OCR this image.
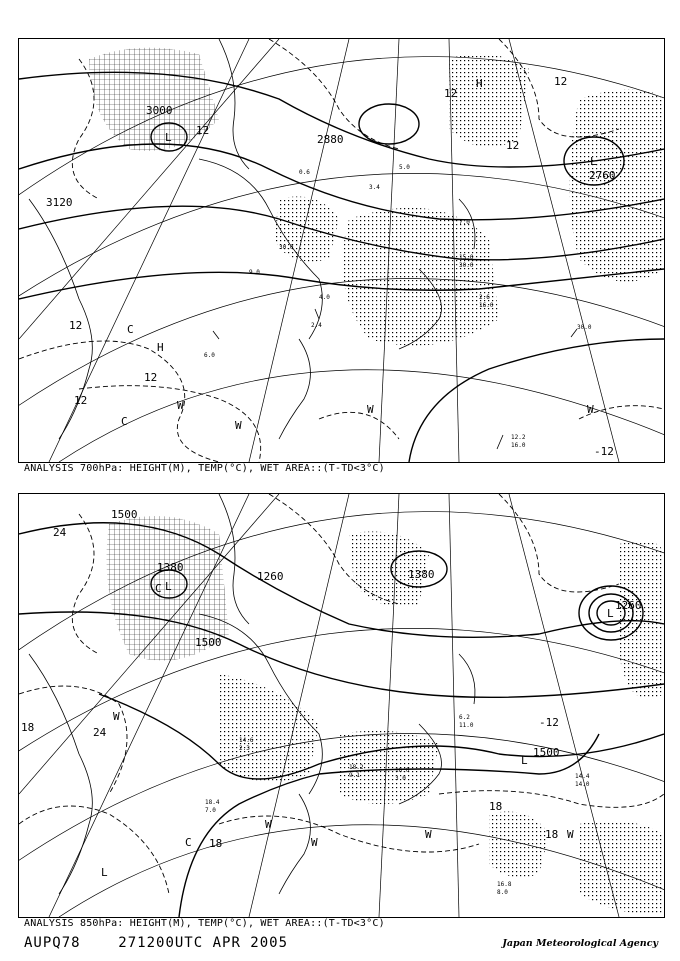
3000
2880
2760
3120
12
12
12
12
12
12
12
-12
L
L
H
H
W
W
W	W
C
C
12.2
16.0
2.4	30.0
15.0
30.0
6.0
2.6
16.0
7.0
0.6
3.4
5.0
9.0
4.0
30.0
ANALYSIS 700hPa: HEIGHT(M), TEMP(°C), WET AREA::(T-TD<3°C)
1500
1380
1500
1260	1380
1500
1260
24
24
18
18
18
18
-12
L
L
L
L
W
W
W
W	W
C
C
16.8
8.0
14.4
14.0
18.4
7.0
16.0
3.0
14.6
2.3
18.2
9.1
6.2
11.0
ANALYSIS 850hPa: HEIGHT(M), TEMP(°C), WET AREA::(T-TD<3°C)
AUPQ78	271200UTC APR 2005	Japan Meteorological Agency
